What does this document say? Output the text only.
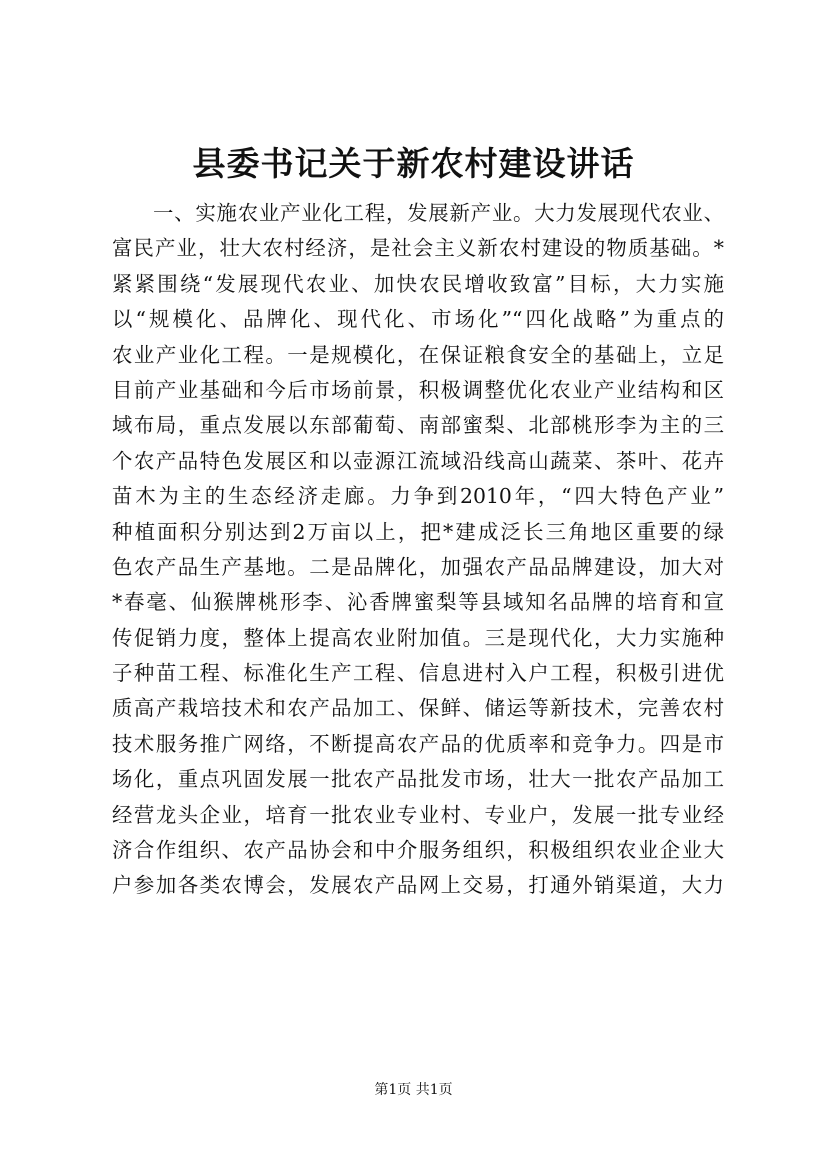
县委书记关于新农村建设讲话
一、实施农业产业化工程，发展新产业。大力发展现代农业、
富民产业，壮大农村经济，是社会主义新农村建设的物质基础。*
紧紧围绕“发展现代农业、加快农民增收致富”目标，大力实施
以“规模化、品牌化、现代化、市场化”“四化战略”为重点的
农业产业化工程。一是规模化，在保证粮食安全的基础上，立足
目前产业基础和今后市场前景，积极调整优化农业产业结构和区
域布局，重点发展以东部葡萄、南部蜜梨、北部桃形李为主的三
个农产品特色发展区和以壶源江流域沿线高山蔬菜、茶叶、花卉
苗木为主的生态经济走廊。力争到2010年，“四大特色产业”
种植面积分别达到2万亩以上，把*建成泛长三角地区重要的绿
色农产品生产基地。二是品牌化，加强农产品品牌建设，加大对
*春毫、仙猴牌桃形李、沁香牌蜜梨等县域知名品牌的培育和宣
传促销力度，整体上提高农业附加值。三是现代化，大力实施种
子种苗工程、标准化生产工程、信息进村入户工程，积极引进优
质高产栽培技术和农产品加工、保鲜、储运等新技术，完善农村
技术服务推广网络，不断提高农产品的优质率和竞争力。四是市
场化，重点巩固发展一批农产品批发市场，壮大一批农产品加工
经营龙头企业，培育一批农业专业村、专业户，发展一批专业经
济合作组织、农产品协会和中介服务组织，积极组织农业企业大
户参加各类农博会，发展农产品网上交易，打通外销渠道，大力
第1页 共1页
